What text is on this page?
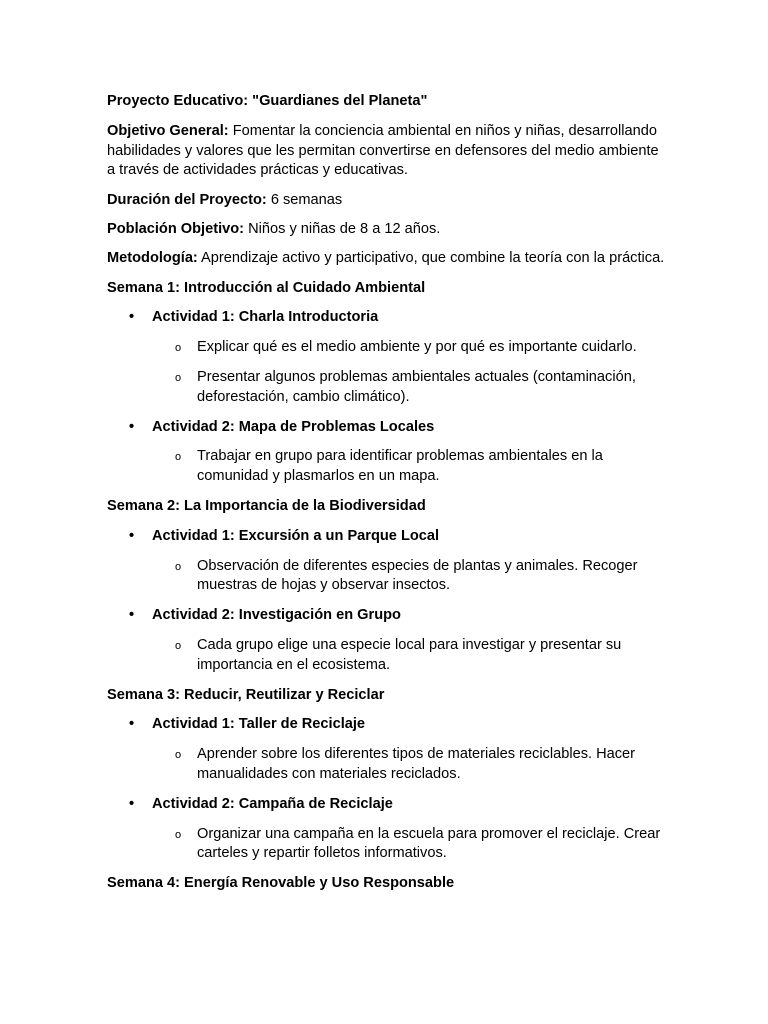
Proyecto Educativo: "Guardianes del Planeta"

Objetivo General: Fomentar la conciencia ambiental en niños y niñas, desarrollando habilidades y valores que les permitan convertirse en defensores del medio ambiente a través de actividades prácticas y educativas.

Duración del Proyecto: 6 semanas

Población Objetivo: Niños y niñas de 8 a 12 años.

Metodología: Aprendizaje activo y participativo, que combine la teoría con la práctica.

Semana 1: Introducción al Cuidado Ambiental

• Actividad 1: Charla Introductoria
o Explicar qué es el medio ambiente y por qué es importante cuidarlo.
o Presentar algunos problemas ambientales actuales (contaminación, deforestación, cambio climático).
• Actividad 2: Mapa de Problemas Locales
o Trabajar en grupo para identificar problemas ambientales en la comunidad y plasmarlos en un mapa.

Semana 2: La Importancia de la Biodiversidad

• Actividad 1: Excursión a un Parque Local
o Observación de diferentes especies de plantas y animales. Recoger muestras de hojas y observar insectos.
• Actividad 2: Investigación en Grupo
o Cada grupo elige una especie local para investigar y presentar su importancia en el ecosistema.

Semana 3: Reducir, Reutilizar y Reciclar

• Actividad 1: Taller de Reciclaje
o Aprender sobre los diferentes tipos de materiales reciclables. Hacer manualidades con materiales reciclados.
• Actividad 2: Campaña de Reciclaje
o Organizar una campaña en la escuela para promover el reciclaje. Crear carteles y repartir folletos informativos.

Semana 4: Energía Renovable y Uso Responsable
